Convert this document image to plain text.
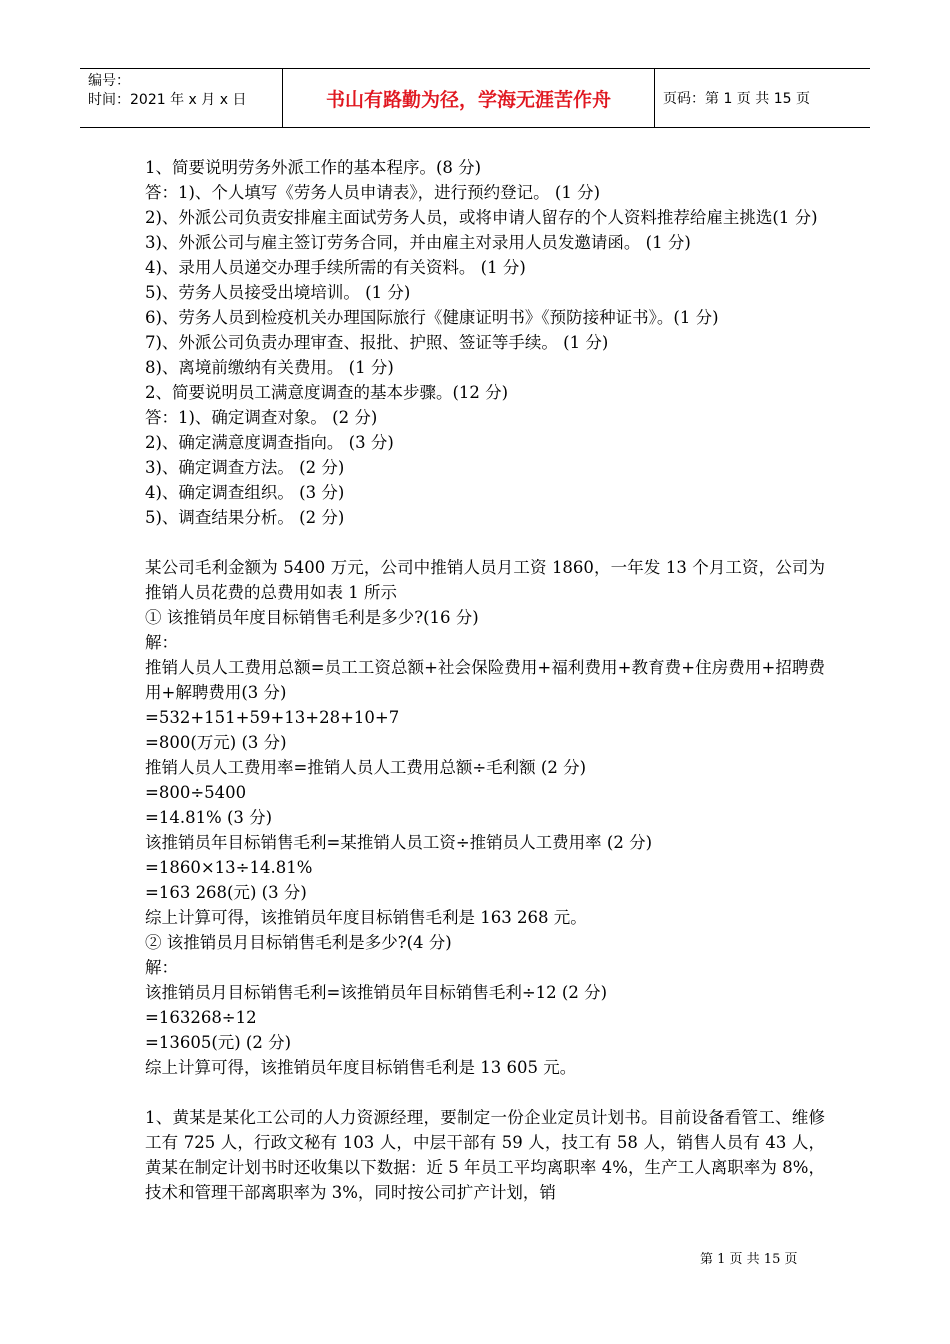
编号：
时间：2021 年 x 月 x 日	书山有路勤为径，学海无涯苦作舟	页码：第 1 页 共 15 页

1、简要说明劳务外派工作的基本程序。(8 分)

答：1)、个人填写《劳务人员申请表》，进行预约登记。 (1 分)

2)、外派公司负责安排雇主面试劳务人员，或将申请人留存的个人资料推荐给雇主挑选(1 分)

3)、外派公司与雇主签订劳务合同，并由雇主对录用人员发邀请函。 (1 分)

4)、录用人员递交办理手续所需的有关资料。 (1 分)

5)、劳务人员接受出境培训。 (1 分)

6)、劳务人员到检疫机关办理国际旅行《健康证明书》《预防接种证书》。(1 分)

7)、外派公司负责办理审查、报批、护照、签证等手续。 (1 分)

8)、离境前缴纳有关费用。 (1 分)

2、简要说明员工满意度调查的基本步骤。(12 分)

答：1)、确定调查对象。 (2 分)

2)、确定满意度调查指向。 (3 分)

3)、确定调查方法。 (2 分)

4)、确定调查组织。 (3 分)

5)、调查结果分析。 (2 分)

某公司毛利金额为 5400 万元，公司中推销人员月工资 1860，一年发 13 个月工资，公司为推销人员花费的总费用如表 1 所示

① 该推销员年度目标销售毛利是多少?(16 分)

解：

推销人员人工费用总额=员工工资总额+社会保险费用+福利费用+教育费+住房费用+招聘费用+解聘费用(3 分)

=532+151+59+13+28+10+7

=800(万元) (3 分)

推销人员人工费用率=推销人员人工费用总额÷毛利额 (2 分)

=800÷5400

=14.81% (3 分)

该推销员年目标销售毛利=某推销人员工资÷推销员人工费用率 (2 分)

=1860×13÷14.81%

=163 268(元) (3 分)

综上计算可得，该推销员年度目标销售毛利是 163 268 元。

② 该推销员月目标销售毛利是多少?(4 分)

解：

该推销员月目标销售毛利=该推销员年目标销售毛利÷12 (2 分)

=163268÷12

=13605(元) (2 分)

综上计算可得，该推销员年度目标销售毛利是 13 605 元。

1、黄某是某化工公司的人力资源经理，要制定一份企业定员计划书。目前设备看管工、维修工有 725 人，行政文秘有 103 人，中层干部有 59 人，技工有 58 人，销售人员有 43 人，黄某在制定计划书时还收集以下数据：近 5 年员工平均离职率 4%，生产工人离职率为 8%，技术和管理干部离职率为 3%，同时按公司扩产计划，销

第 1 页 共 15 页
